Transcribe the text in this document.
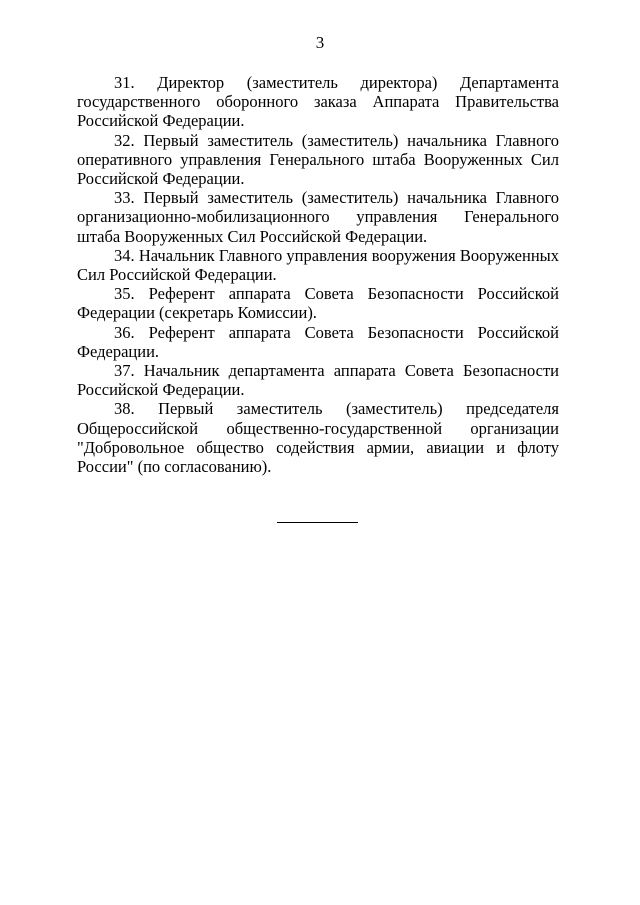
3

31. Директор (заместитель директора) Департамента государственного оборонного заказа Аппарата Правительства Российской Федерации.

32. Первый заместитель (заместитель) начальника Главного оперативного управления Генерального штаба Вооруженных Сил Российской Федерации.

33. Первый заместитель (заместитель) начальника Главного организационно-мобилизационного управления Генерального штаба Вооруженных Сил Российской Федерации.

34. Начальник Главного управления вооружения Вооруженных Сил Российской Федерации.

35. Референт аппарата Совета Безопасности Российской Федерации (секретарь Комиссии).

36. Референт аппарата Совета Безопасности Российской Федерации.

37. Начальник департамента аппарата Совета Безопасности Российской Федерации.

38. Первый заместитель (заместитель) председателя Общероссийской общественно-государственной организации "Добровольное общество содействия армии, авиации и флоту России" (по согласованию).
